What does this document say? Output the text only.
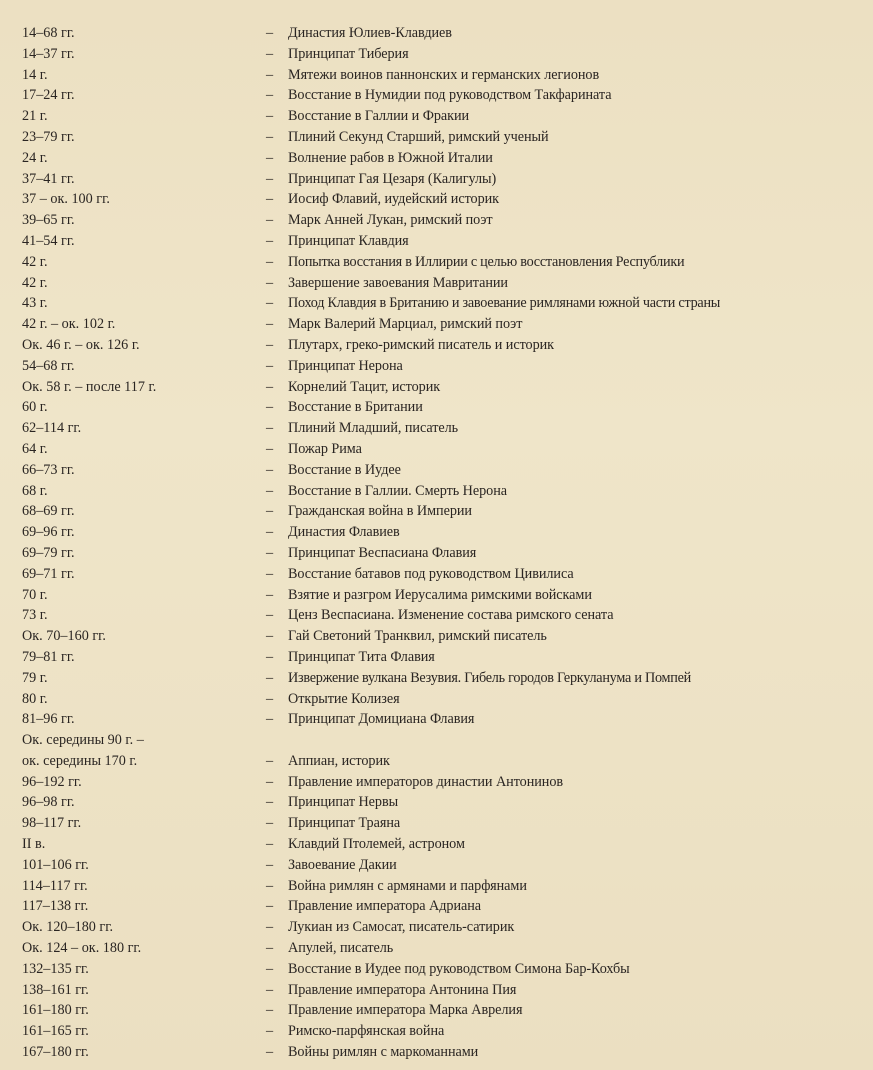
14–68 гг.	– Династия Юлиев-Клавдиев
14–37 гг.	– Принципат Тиберия
14 г.	– Мятежи воинов паннонских и германских легионов
17–24 гг.	– Восстание в Нумидии под руководством Такфарината
21 г.	– Восстание в Галлии и Фракии
23–79 гг.	– Плиний Секунд Старший, римский ученый
24 г.	– Волнение рабов в Южной Италии
37–41 гг.	– Принципат Гая Цезаря (Калигулы)
37 – ок. 100 гг.	– Иосиф Флавий, иудейский историк
39–65 гг.	– Марк Анней Лукан, римский поэт
41–54 гг.	– Принципат Клавдия
42 г.	– Попытка восстания в Иллирии с целью восстановления Республики
42 г.	– Завершение завоевания Мавритании
43 г.	– Поход Клавдия в Британию и завоевание римлянами южной части страны
42 г. – ок. 102 г.	– Марк Валерий Марциал, римский поэт
Ок. 46 г. – ок. 126 г.	– Плутарх, греко-римский писатель и историк
54–68 гг.	– Принципат Нерона
Ок. 58 г. – после 117 г.	– Корнелий Тацит, историк
60 г.	– Восстание в Британии
62–114 гг.	– Плиний Младший, писатель
64 г.	– Пожар Рима
66–73 гг.	– Восстание в Иудее
68 г.	– Восстание в Галлии. Смерть Нерона
68–69 гг.	– Гражданская война в Империи
69–96 гг.	– Династия Флавиев
69–79 гг.	– Принципат Веспасиана Флавия
69–71 гг.	– Восстание батавов под руководством Цивилиса
70 г.	– Взятие и разгром Иерусалима римскими войсками
73 г.	– Ценз Веспасиана. Изменение состава римского сената
Ок. 70–160 гг.	– Гай Светоний Транквил, римский писатель
79–81 гг.	– Принципат Тита Флавия
79 г.	– Извержение вулкана Везувия. Гибель городов Геркуланума и Помпей
80 г.	– Открытие Колизея
81–96 гг.	– Принципат Домициана Флавия
Ок. середины 90 г. –
ок. середины 170 г.	– Аппиан, историк
96–192 гг.	– Правление императоров династии Антонинов
96–98 гг.	– Принципат Нервы
98–117 гг.	– Принципат Траяна
II в.	– Клавдий Птолемей, астроном
101–106 гг.	– Завоевание Дакии
114–117 гг.	– Война римлян с армянами и парфянами
117–138 гг.	– Правление императора Адриана
Ок. 120–180 гг.	– Лукиан из Самосат, писатель-сатирик
Ок. 124 – ок. 180 гг.	– Апулей, писатель
132–135 гг.	– Восстание в Иудее под руководством Симона Бар-Кохбы
138–161 гг.	– Правление императора Антонина Пия
161–180 гг.	– Правление императора Марка Аврелия
161–165 гг.	– Римско-парфянская война
167–180 гг.	– Войны римлян с маркоманнами
